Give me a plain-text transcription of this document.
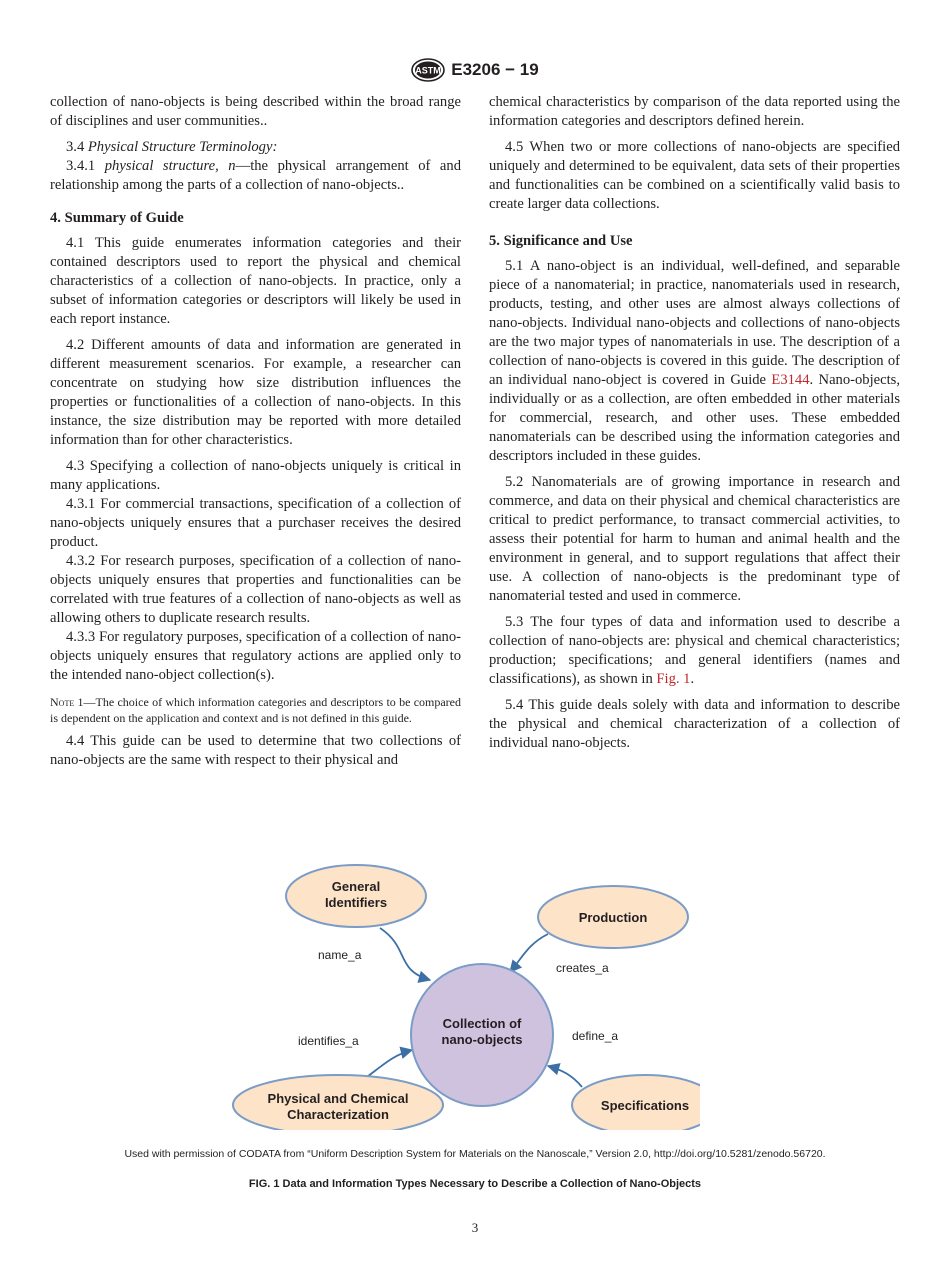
ASTM E3206 − 19

collection of nano-objects is being described within the broad range of disciplines and user communities..

3.4 Physical Structure Terminology:

3.4.1 physical structure, n—the physical arrangement of and relationship among the parts of a collection of nano-objects..

4. Summary of Guide

4.1 This guide enumerates information categories and their contained descriptors used to report the physical and chemical characteristics of a collection of nano-objects. In practice, only a subset of information categories or descriptors will likely be used in each report instance.

4.2 Different amounts of data and information are generated in different measurement scenarios. For example, a researcher can concentrate on studying how size distribution influences the properties or functionalities of a collection of nano-objects. In this instance, the size distribution may be reported with more detailed information than for other characteristics.

4.3 Specifying a collection of nano-objects uniquely is critical in many applications.

4.3.1 For commercial transactions, specification of a collection of nano-objects uniquely ensures that a purchaser receives the desired product.

4.3.2 For research purposes, specification of a collection of nano-objects uniquely ensures that properties and functionalities can be correlated with true features of a collection of nano-objects as well as allowing others to duplicate research results.

4.3.3 For regulatory purposes, specification of a collection of nano-objects uniquely ensures that regulatory actions are applied only to the intended nano-object collection(s).

Note 1—The choice of which information categories and descriptors to be compared is dependent on the application and context and is not defined in this guide.

4.4 This guide can be used to determine that two collections of nano-objects are the same with respect to their physical and

chemical characteristics by comparison of the data reported using the information categories and descriptors defined herein.

4.5 When two or more collections of nano-objects are specified uniquely and determined to be equivalent, data sets of their properties and functionalities can be combined on a scientifically valid basis to create larger data collections.

5. Significance and Use

5.1 A nano-object is an individual, well-defined, and separable piece of a nanomaterial; in practice, nanomaterials used in research, products, testing, and other uses are almost always collections of nano-objects. Individual nano-objects and collections of nano-objects are the two major types of nanomaterials in use. The description of a collection of nano-objects is covered in this guide. The description of an individual nano-object is covered in Guide E3144. Nano-objects, individually or as a collection, are often embedded in other materials for commercial, research, and other uses. These embedded nanomaterials can be described using the information categories and descriptors included in these guides.

5.2 Nanomaterials are of growing importance in research and commerce, and data on their physical and chemical characteristics are critical to predict performance, to transact commercial activities, to assess their potential for harm to human and animal health and the environment in general, and to support regulations that affect their use. A collection of nano-objects is the predominant type of nanomaterial tested and used in commerce.

5.3 The four types of data and information used to describe a collection of nano-objects are: physical and chemical characteristics; production; specifications; and general identifiers (names and classifications), as shown in Fig. 1.

5.4 This guide deals solely with data and information to describe the physical and chemical characterization of a collection of individual nano-objects.

Collection of
nano-objects
General
Identifiers
Production
Physical and Chemical
Characterization
Specifications
name_a
creates_a
identifies_a	define_a
Used with permission of CODATA from “Uniform Description System for Materials on the Nanoscale,” Version 2.0, http://doi.org/10.5281/zenodo.56720.
FIG. 1 Data and Information Types Necessary to Describe a Collection of Nano-Objects
3
